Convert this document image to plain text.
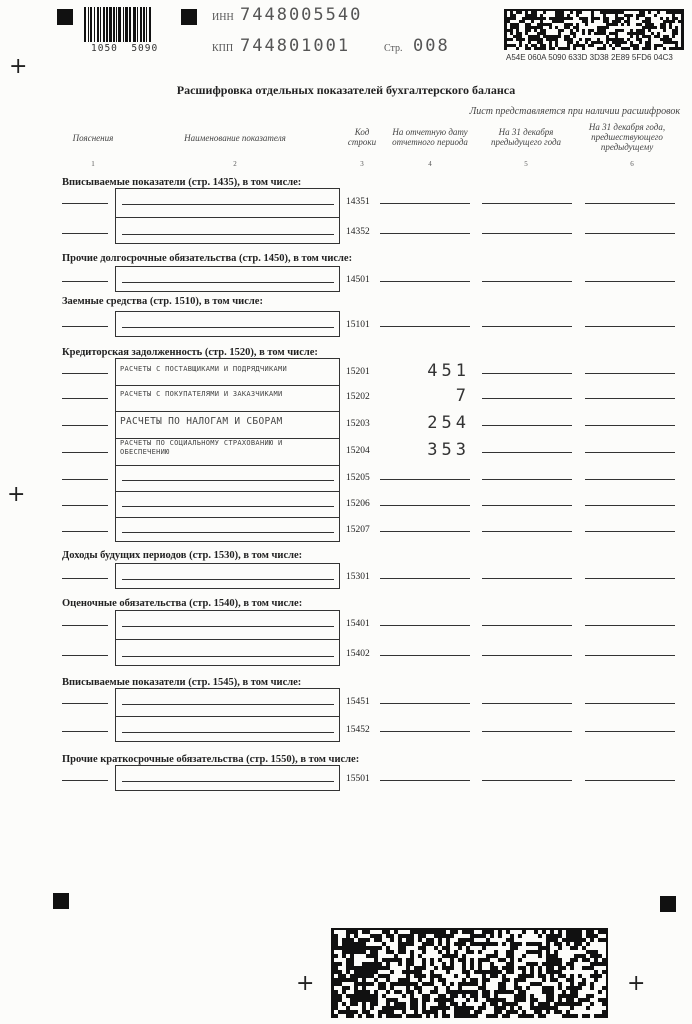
+
+
+	+
1050  5090
ИНН 7448005540
КПП 744801001	Стр. 008
A54E 060A 5090 633D 3D38 2E89 5FD6 04C3
Расшифровка отдельных показателей бухгалтерского баланса
Лист представляется при наличии расшифровок
Пояснения
1
Наименование показателя
2
Код строки
3
На отчетную дату отчетного периода
4
На 31 декабря предыдущего года
5
На 31 декабря года, предшествующего предыдущему
6
Вписываемые показатели (стр. 1435), в том числе:
14351
14352
Прочие долгосрочные обязательства (стр. 1450), в том числе:
14501
Заемные средства (стр. 1510), в том числе:
15101
Кредиторская задолженность (стр. 1520), в том числе:
РАСЧЕТЫ С ПОСТАВЩИКАМИ И ПОДРЯДЧИКАМИ	15201	451
РАСЧЕТЫ С ПОКУПАТЕЛЯМИ И ЗАКАЗЧИКАМИ	15202	7
РАСЧЕТЫ ПО НАЛОГАМ И СБОРАМ	15203	254
РАСЧЕТЫ ПО СОЦИАЛЬНОМУ СТРАХОВАНИЮ И ОБЕСПЕЧЕНИЮ	15204	353
15205
15206
15207
Доходы будущих периодов (стр. 1530), в том числе:
15301
Оценочные обязательства (стр. 1540), в том числе:
15401
15402
Вписываемые показатели (стр. 1545), в том числе:
15451
15452
Прочие краткосрочные обязательства (стр. 1550), в том числе:
15501
